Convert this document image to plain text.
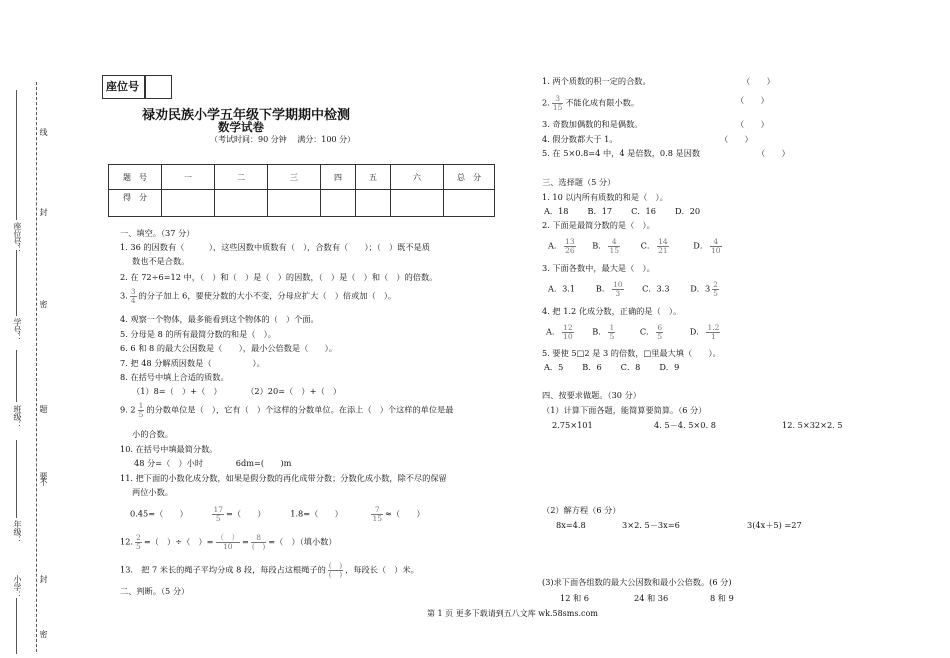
线
封
密
题
要
不
封
密
座位号：
学号：
班级：
年级：
小学：
座位号
禄劝民族小学五年级下学期期中检测
数学试卷
（考试时间：90 分钟　 满分：100 分）
题　号	一	二	三	四	五	六	总　分
得　分							
一、填空。（37 分）
1. 36 的因数有（　　　），这些因数中质数有（　），合数有（　　）；（　）既不是质
数也不是合数。
2. 在 72÷6=12 中，（　）和（　）是（　）的因数，（　）是（　）和（　）的倍数。
3. $\frac{3}{4}$ 的分子加上 6，要使分数的大小不变，分母应扩大（　）倍或加（　）。
4. 观察一个物体，最多能看到这个物体的（　）个面。
5. 分母是 8 的所有最简分数的和是（　）。
6. 6 和 8 的最大公因数是（　　），最小公倍数是（　　）。
7. 把 48 分解质因数是（　　　　　）。
8. 在括号中填上合适的质数。
（1）8=（　）+（　）　　　　（2）20=（　）+（　）
9. $2 \frac{1}{5}$ 的分数单位是（　），它有（　）个这样的分数单位。在添上（　）个这样的单位是最
小的合数。
10. 在括号中填最简分数。
48 分=（　）小时　　　　6dm=(　　)m
11. 把下面的小数化成分数，如果是假分数的再化成带分数；分数化成小数，除不尽的保留
两位小数。
0.45=（　　）	$\frac{17}{5}$ =（　　）	1.8=（　　）	$\frac{7}{15}$ ≈（　　）
12. $\frac{2}{5}$ =（　）÷（　）= $\frac{( )}{10} = \frac{8}{( )}$ =（　）（填小数）
13.　把 7 米长的绳子平均分成 8 段，每段占这根绳子的 $\frac{( )}{( )}$ ，每段长（　）米。
二、判断。（5 分）
1. 两个质数的积一定的合数。	（　　）
2. $\frac{3}{15}$ 不能化成有限小数。	（　　）
3. 奇数加偶数的和是偶数。	（　　）
4. 假分数都大于 1。	（　　）
5. 在 5×0.8=4 中，4 是倍数，0.8 是因数	（　　）
三、选择题（5 分）
1. 10 以内所有质数的和是（　）。
A．18　　 B．17　　 C．16　　 D．20
2. 下面是最简分数的是（　）。
A． $\frac{13}{26}$ B． $\frac{4}{15}$	C． $\frac{14}{21}$	D． $\frac{4}{10}$
3. 下面各数中，最大是（　）。
A．3.1	B． $\frac{10}{3}$ C．3.3	D．$3 \frac{2}{5}$
4. 把 1.2 化成分数，正确的是（　）。
A． $\frac{12}{10}$ B． $\frac{1}{5}$	C． $\frac{6}{5}$	D． $\frac{1.2}{1}$
5. 要使 5□2 是 3 的倍数，□里最大填（　　）。
A．5　　 B．6　　 C．8　　 D．9
四、按要求做题。（30 分）
（1）计算下面各题，能简算要简算。（6 分）
2.75×101	4. 5－4. 5×0. 8	12. 5×32×2. 5
（2）解方程（6 分）
8x=4.8	3×2. 5－3x=6	3(4x＋5) =27
(3)求下面各组数的最大公因数和最小公倍数。(6 分)
12 和 6	24 和 36	8 和 9
第 1 页 更多下载请到五八文库 wk.58sms.com
